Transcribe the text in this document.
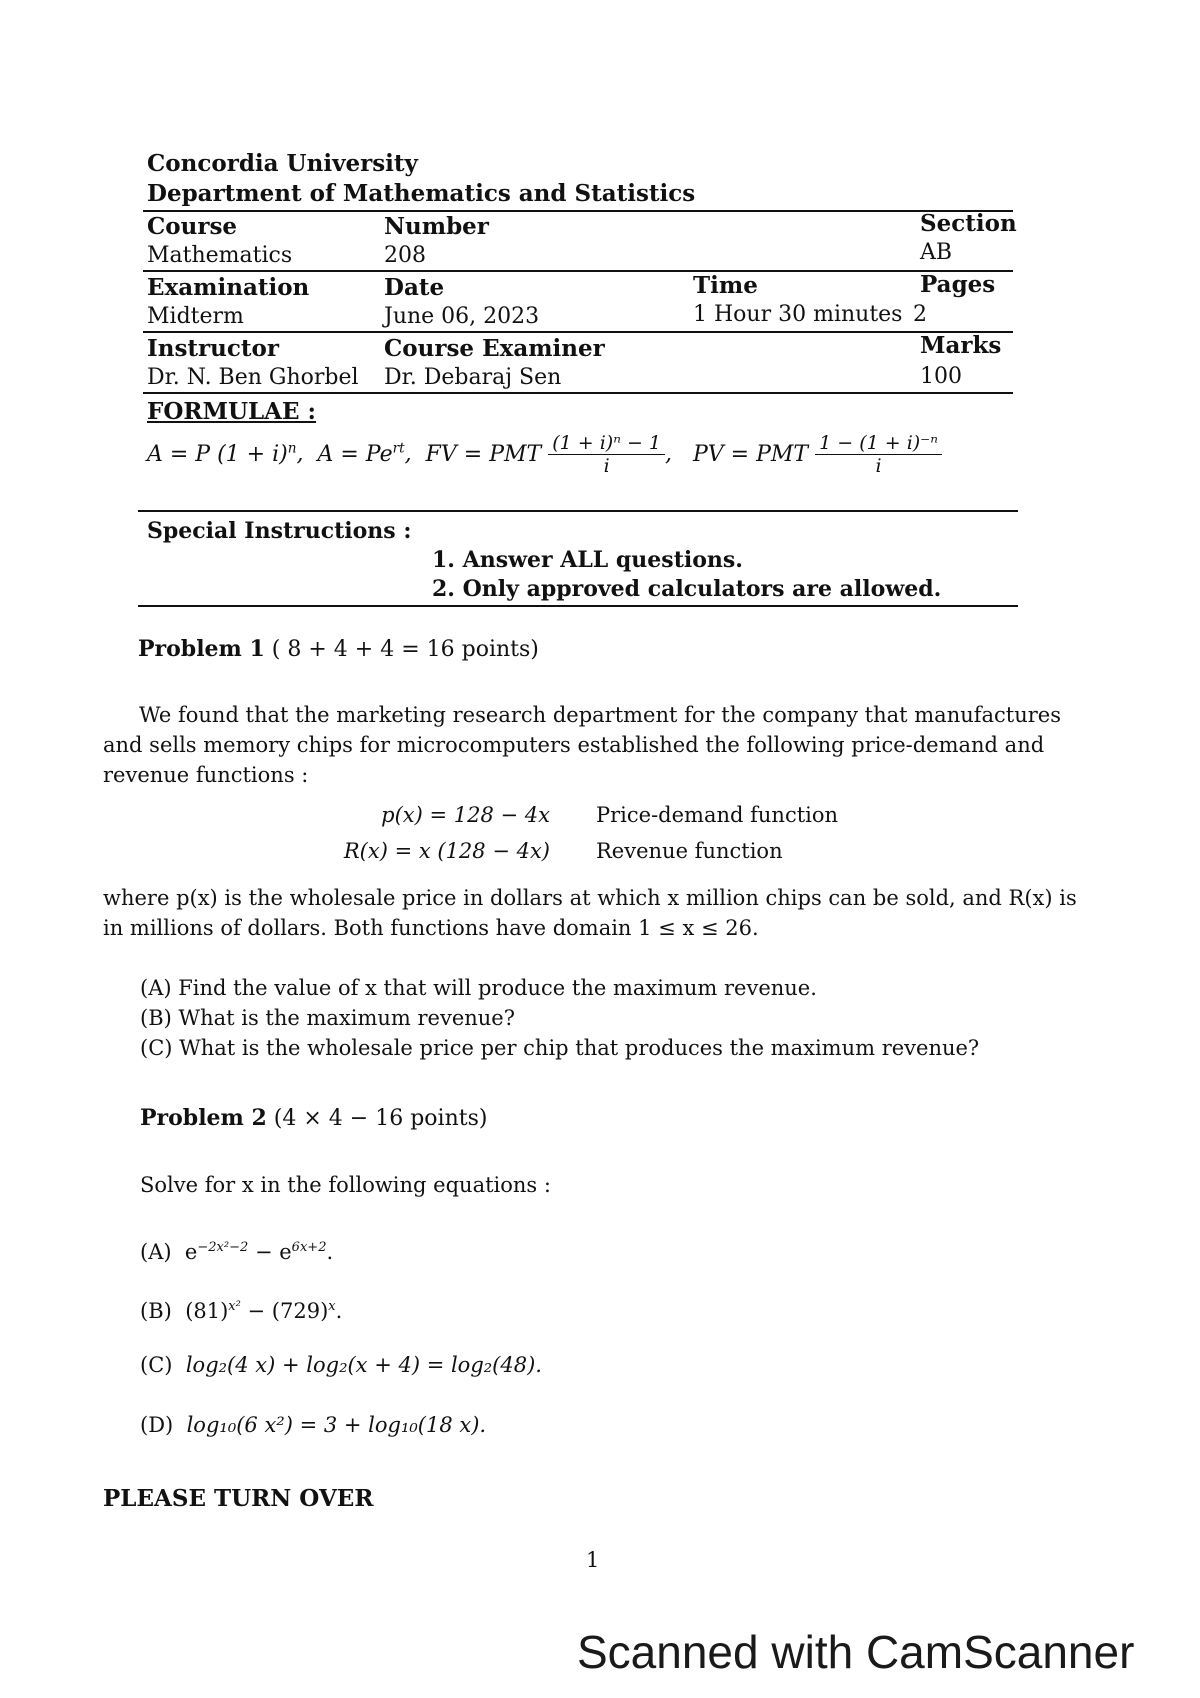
Concordia University
Department of Mathematics and Statistics
Course
Mathematics
Number
208
Section
AB
Examination
Midterm
Date
June 06, 2023
Time
1 Hour 30 minutes
Pages
2
Instructor
Dr. N. Ben Ghorbel
Course Examiner
Dr. Debaraj Sen
Marks
100
FORMULAE :
A = P $(1 + i)^n$,  $A = Pe^{rt}$,  FV = PMT $\frac{\text{(1 + i)ⁿ − 1}}{i}$ ,   PV = PMT $\frac{\text{1 − (1 + i)⁻ⁿ}}{i}$
Special Instructions :
1. Answer ALL questions.
2. Only approved calculators are allowed.
Problem 1 ( 8 + 4 + 4 = 16 points)
We found that the marketing research department for the company that manufactures and sells memory chips for microcomputers established the following price-demand and revenue functions :
p(x) = 128 − 4x Price-demand function
R(x) = x (128 − 4x) Revenue function
where p(x) is the wholesale price in dollars at which x million chips can be sold, and R(x) is in millions of dollars. Both functions have domain 1 ≤ x ≤ 26.
(A) Find the value of x that will produce the maximum revenue.
(B) What is the maximum revenue?
(C) What is the wholesale price per chip that produces the maximum revenue?
Problem 2 (4 × 4 − 16 points)
Solve for x in the following equations :
(A) $e^{-2x^2-2} - e^{6x+2}$.
(B) $(81)^{x^2} - (729)^x$.
(C) log₂(4 x) + log₂(x + 4) = log₂(48).
(D) log₁₀(6 x²) = 3 + log₁₀(18 x).
PLEASE TURN OVER
1
Scanned with CamScanner
